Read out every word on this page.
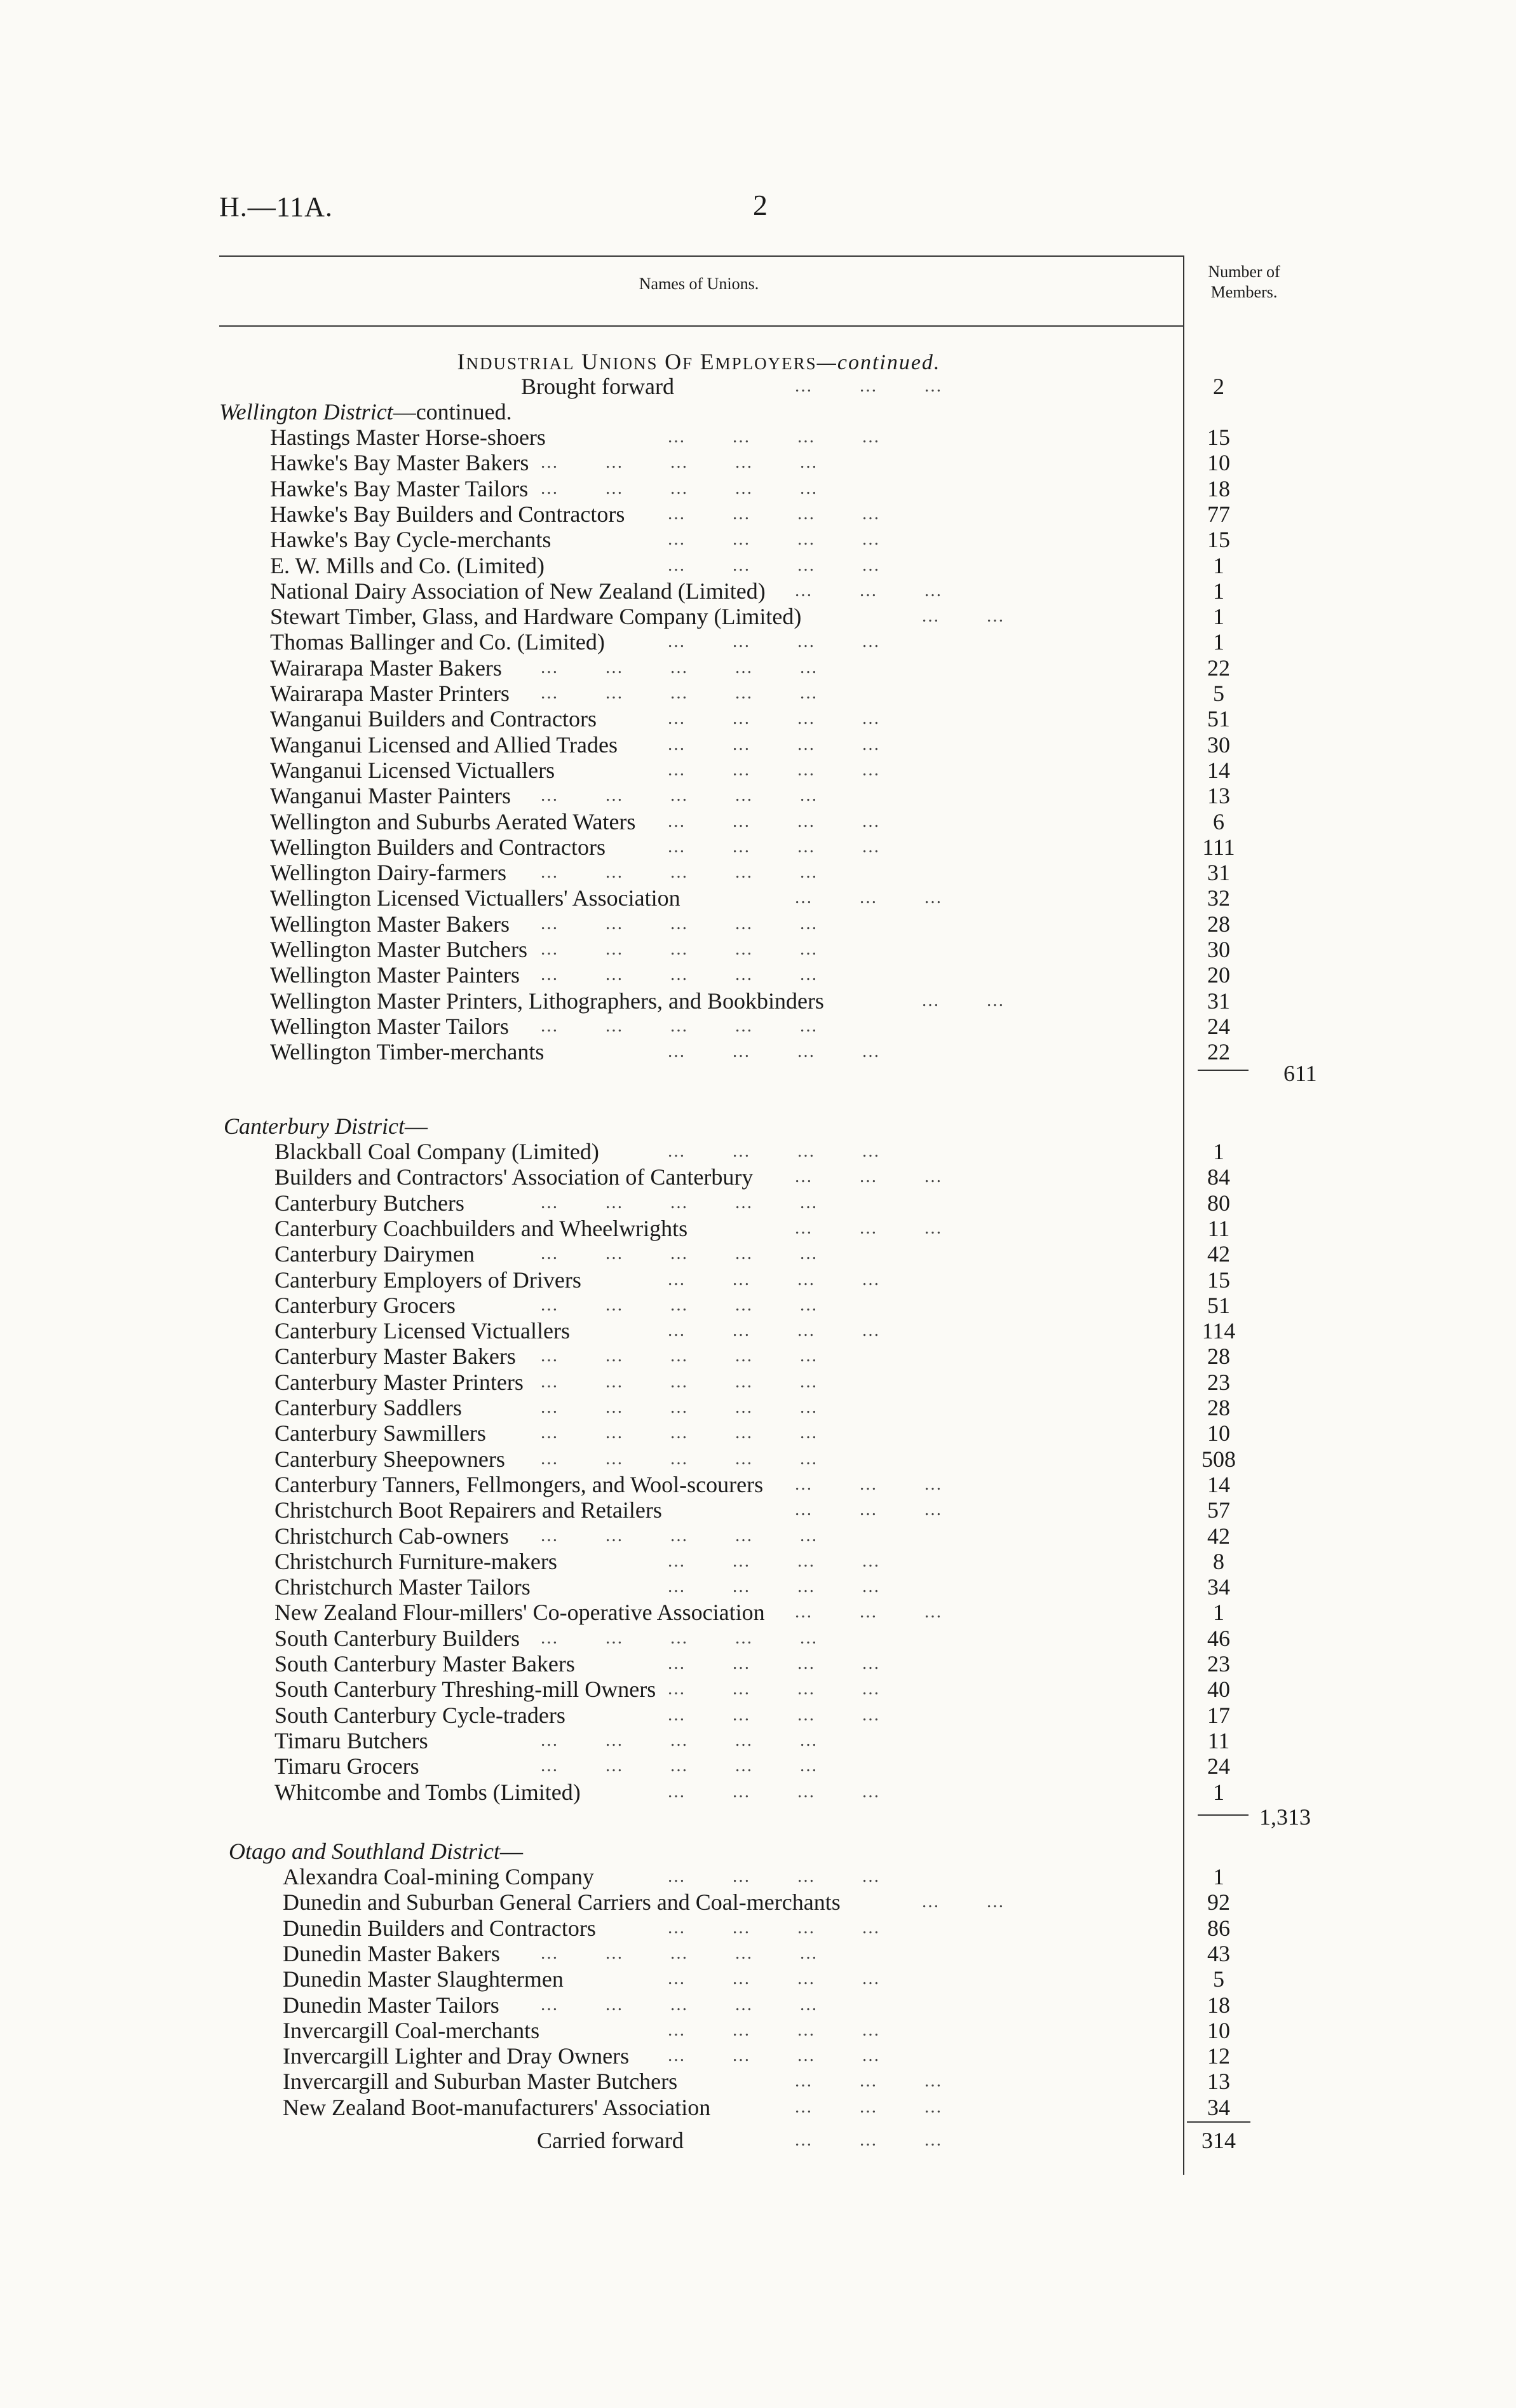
H.—11A.	2
Names of Unions.
Number of
Members.
INDUSTRIAL UNIONS OF EMPLOYERS—continued.
Brought forward	…        …        …	2
Wellington District—continued.
Hastings Master Horse-shoers	…        …        …        …	15
Hawke's Bay Master Bakers …        …        …        …        …	10
Hawke's Bay Master Tailors …        …        …        …        …	18
Hawke's Bay Builders and Contractors	…        …        …        …	77
Hawke's Bay Cycle-merchants	…        …        …        …	15
E. W. Mills and Co. (Limited)	…        …        …        …	1
National Dairy Association of New Zealand (Limited)	…        …        …	1
Stewart Timber, Glass, and Hardware Company (Limited)	…        …	1
Thomas Ballinger and Co. (Limited)	…        …        …        …	1
Wairarapa Master Bakers	…        …        …        …        …	22
Wairarapa Master Printers	…        …        …        …        …	5
Wanganui Builders and Contractors	…        …        …        …	51
Wanganui Licensed and Allied Trades	…        …        …        …	30
Wanganui Licensed Victuallers	…        …        …        …	14
Wanganui Master Painters	…        …        …        …        …	13
Wellington and Suburbs Aerated Waters	…        …        …        …	6
Wellington Builders and Contractors	…        …        …        …	111
Wellington Dairy-farmers	…        …        …        …        …	31
Wellington Licensed Victuallers' Association	…        …        …	32
Wellington Master Bakers	…        …        …        …        …	28
Wellington Master Butchers …        …        …        …        …	30
Wellington Master Painters	…        …        …        …        …	20
Wellington Master Printers, Lithographers, and Bookbinders	…        …	31
Wellington Master Tailors	…        …        …        …        …	24
Wellington Timber-merchants	…        …        …        …	22
611
Canterbury District—
Blackball Coal Company (Limited)	…        …        …        …	1
Builders and Contractors' Association of Canterbury	…        …        …	84
Canterbury Butchers	…        …        …        …        …	80
Canterbury Coachbuilders and Wheelwrights	…        …        …	11
Canterbury Dairymen	…        …        …        …        …	42
Canterbury Employers of Drivers	…        …        …        …	15
Canterbury Grocers	…        …        …        …        …	51
Canterbury Licensed Victuallers	…        …        …        …	114
Canterbury Master Bakers	…        …        …        …        …	28
Canterbury Master Printers …        …        …        …        …	23
Canterbury Saddlers	…        …        …        …        …	28
Canterbury Sawmillers	…        …        …        …        …	10
Canterbury Sheepowners	…        …        …        …        …	508
Canterbury Tanners, Fellmongers, and Wool-scourers	…        …        …	14
Christchurch Boot Repairers and Retailers	…        …        …	57
Christchurch Cab-owners	…        …        …        …        …	42
Christchurch Furniture-makers	…        …        …        …	8
Christchurch Master Tailors	…        …        …        …	34
New Zealand Flour-millers' Co-operative Association	…        …        …	1
South Canterbury Builders	…        …        …        …        …	46
South Canterbury Master Bakers	…        …        …        …	23
South Canterbury Threshing-mill Owners …        …        …        …	40
South Canterbury Cycle-traders	…        …        …        …	17
Timaru Butchers	…        …        …        …        …	11
Timaru Grocers	…        …        …        …        …	24
Whitcombe and Tombs (Limited)	…        …        …        …	1
1,313
Otago and Southland District—
Alexandra Coal-mining Company	…        …        …        …	1
Dunedin and Suburban General Carriers and Coal-merchants	…        …	92
Dunedin Builders and Contractors	…        …        …        …	86
Dunedin Master Bakers	…        …        …        …        …	43
Dunedin Master Slaughtermen	…        …        …        …	5
Dunedin Master Tailors	…        …        …        …        …	18
Invercargill Coal-merchants	…        …        …        …	10
Invercargill Lighter and Dray Owners	…        …        …        …	12
Invercargill and Suburban Master Butchers	…        …        …	13
New Zealand Boot-manufacturers' Association	…        …        …	34
Carried forward	…        …        …	314
